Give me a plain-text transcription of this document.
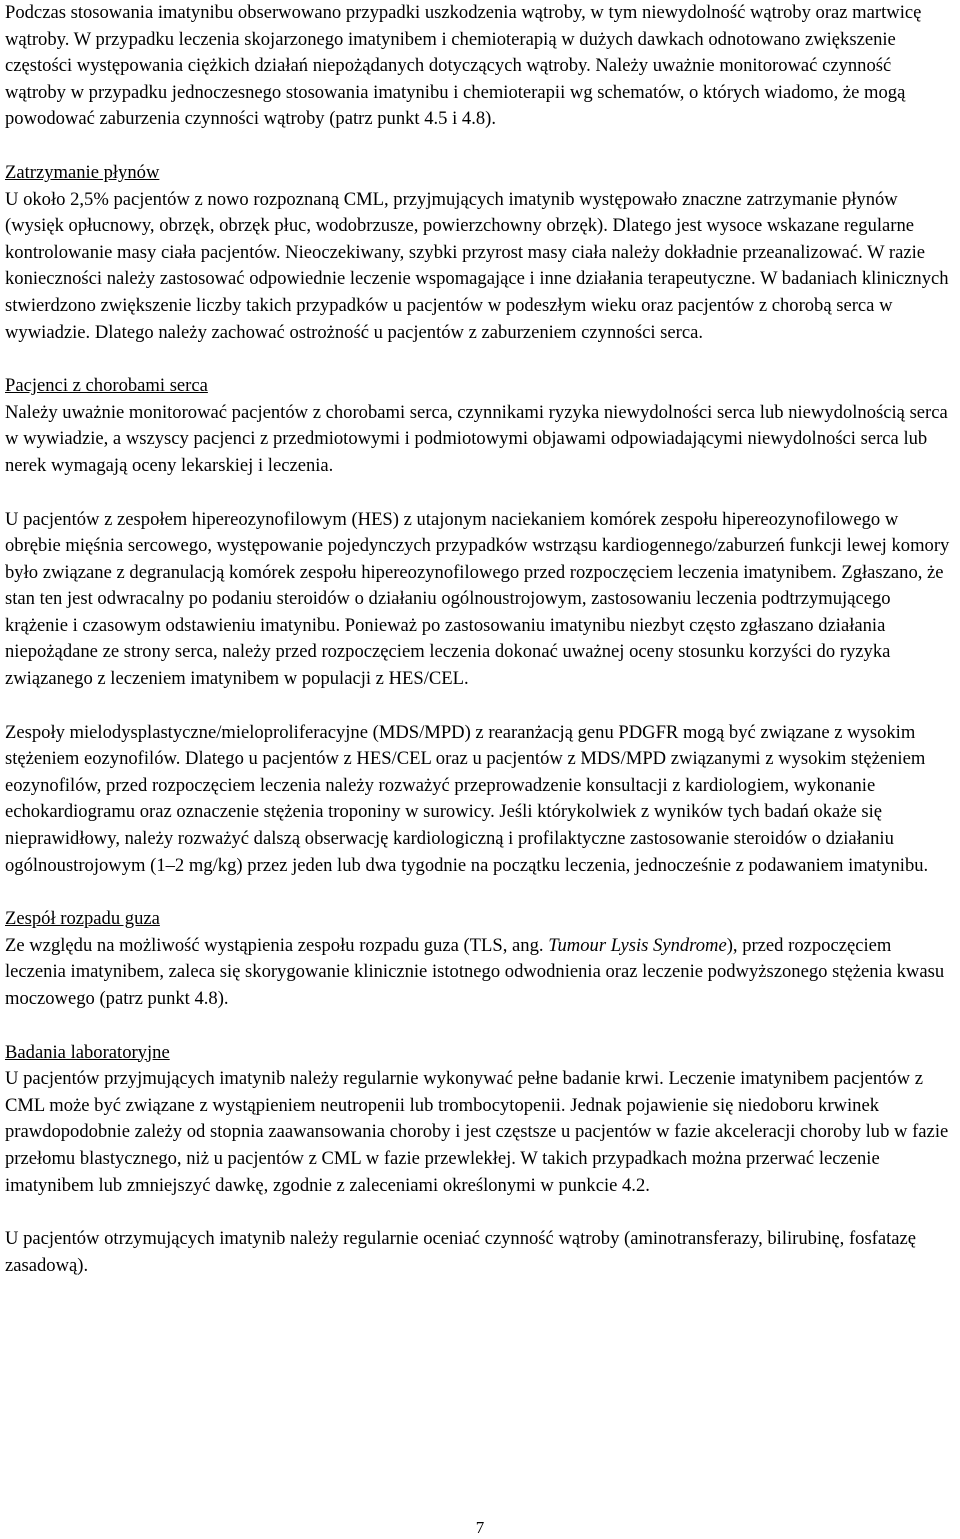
Podczas stosowania imatynibu obserwowano przypadki uszkodzenia wątroby, w tym niewydolność wątroby oraz martwicę wątroby. W przypadku leczenia skojarzonego imatynibem i chemioterapią w dużych dawkach odnotowano zwiększenie częstości występowania ciężkich działań niepożądanych dotyczących wątroby. Należy uważnie monitorować czynność wątroby w przypadku jednoczesnego stosowania imatynibu i chemioterapii wg schematów, o których wiadomo, że mogą powodować zaburzenia czynności wątroby (patrz punkt 4.5 i 4.8).

Zatrzymanie płynów

U około 2,5% pacjentów z nowo rozpoznaną CML, przyjmujących imatynib występowało znaczne zatrzymanie płynów (wysięk opłucnowy, obrzęk, obrzęk płuc, wodobrzusze, powierzchowny obrzęk). Dlatego jest wysoce wskazane regularne kontrolowanie masy ciała pacjentów. Nieoczekiwany, szybki przyrost masy ciała należy dokładnie przeanalizować. W razie konieczności należy zastosować odpowiednie leczenie wspomagające i inne działania terapeutyczne. W badaniach klinicznych stwierdzono zwiększenie liczby takich przypadków u pacjentów w podeszłym wieku oraz pacjentów z chorobą serca w wywiadzie. Dlatego należy zachować ostrożność u pacjentów z zaburzeniem czynności serca.

Pacjenci z chorobami serca

Należy uważnie monitorować pacjentów z chorobami serca, czynnikami ryzyka niewydolności serca lub niewydolnością serca w wywiadzie, a wszyscy pacjenci z przedmiotowymi i podmiotowymi objawami odpowiadającymi niewydolności serca lub nerek wymagają oceny lekarskiej i leczenia.

U pacjentów z zespołem hipereozynofilowym (HES) z utajonym naciekaniem komórek zespołu hipereozynofilowego w obrębie mięśnia sercowego, występowanie pojedynczych przypadków wstrząsu kardiogennego/zaburzeń funkcji lewej komory było związane z degranulacją komórek zespołu hipereozynofilowego przed rozpoczęciem leczenia imatynibem. Zgłaszano, że stan ten jest odwracalny po podaniu steroidów o działaniu ogólnoustrojowym, zastosowaniu leczenia podtrzymującego krążenie i czasowym odstawieniu imatynibu. Ponieważ po zastosowaniu imatynibu niezbyt często zgłaszano działania niepożądane ze strony serca, należy przed rozpoczęciem leczenia dokonać uważnej oceny stosunku korzyści do ryzyka związanego z leczeniem imatynibem w populacji z HES/CEL.

Zespoły mielodysplastyczne/mieloproliferacyjne (MDS/MPD) z rearanżacją genu PDGFR mogą być związane z wysokim stężeniem eozynofilów. Dlatego u pacjentów z HES/CEL oraz u pacjentów z MDS/MPD związanymi z wysokim stężeniem eozynofilów, przed rozpoczęciem leczenia należy rozważyć przeprowadzenie konsultacji z kardiologiem, wykonanie echokardiogramu oraz oznaczenie stężenia troponiny w surowicy. Jeśli którykolwiek z wyników tych badań okaże się nieprawidłowy, należy rozważyć dalszą obserwację kardiologiczną i profilaktyczne zastosowanie steroidów o działaniu ogólnoustrojowym (1–2 mg/kg) przez jeden lub dwa tygodnie na początku leczenia, jednocześnie z podawaniem imatynibu.

Zespół rozpadu guza

Ze względu na możliwość wystąpienia zespołu rozpadu guza (TLS, ang. Tumour Lysis Syndrome), przed rozpoczęciem leczenia imatynibem, zaleca się skorygowanie klinicznie istotnego odwodnienia oraz leczenie podwyższonego stężenia kwasu moczowego (patrz punkt 4.8).

Badania laboratoryjne

U pacjentów przyjmujących imatynib należy regularnie wykonywać pełne badanie krwi. Leczenie imatynibem pacjentów z CML może być związane z wystąpieniem neutropenii lub trombocytopenii. Jednak pojawienie się niedoboru krwinek prawdopodobnie zależy od stopnia zaawansowania choroby i jest częstsze u pacjentów w fazie akceleracji choroby lub w fazie przełomu blastycznego, niż u pacjentów z CML w fazie przewlekłej. W takich przypadkach można przerwać leczenie imatynibem lub zmniejszyć dawkę, zgodnie z zaleceniami określonymi w punkcie 4.2.

U pacjentów otrzymujących imatynib należy regularnie oceniać czynność wątroby (aminotransferazy, bilirubinę, fosfatazę zasadową).

7
